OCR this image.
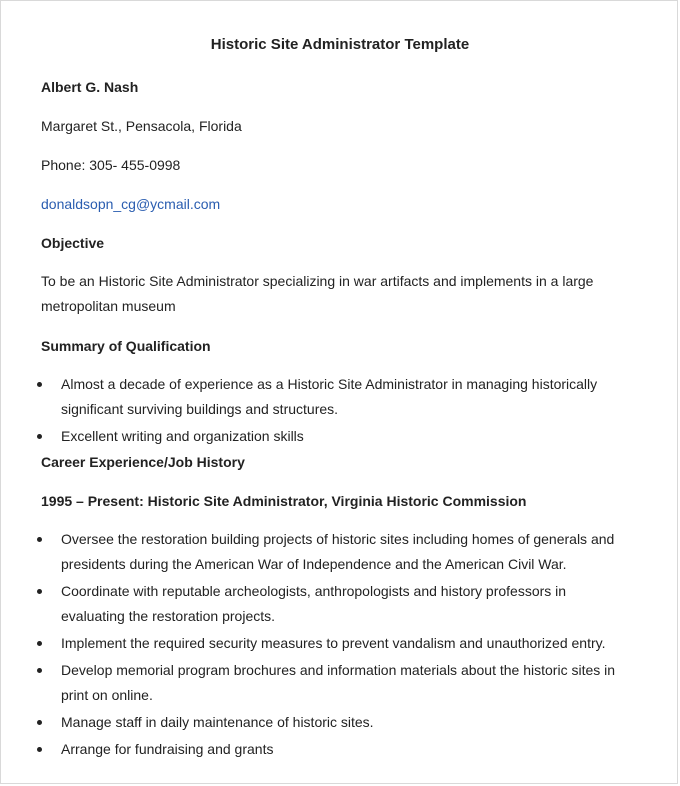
Historic Site Administrator Template
Albert G. Nash
Margaret St., Pensacola, Florida
Phone: 305- 455-0998
donaldsopn_cg@ycmail.com
Objective
To be an Historic Site Administrator specializing in war artifacts and implements in a large metropolitan museum
Summary of Qualification
Almost a decade of experience as a Historic Site Administrator in managing historically significant surviving buildings and structures.
Excellent writing and organization skills
Career Experience/Job History
1995 – Present: Historic Site Administrator, Virginia Historic Commission
Oversee the restoration building projects of historic sites including homes of generals and presidents during the American War of Independence and the American Civil War.
Coordinate with reputable archeologists, anthropologists and history professors in evaluating the restoration projects.
Implement the required security measures to prevent vandalism and unauthorized entry.
Develop memorial program brochures and information materials about the historic sites in print on online.
Manage staff in daily maintenance of historic sites.
Arrange for fundraising and grants
